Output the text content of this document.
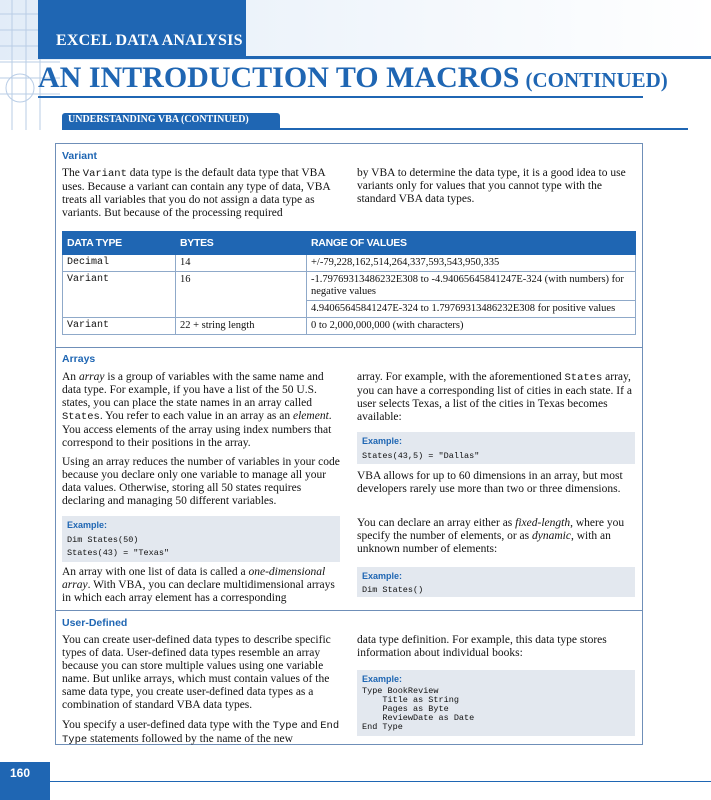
EXCEL DATA ANALYSIS
AN INTRODUCTION TO MACROS (CONTINUED)
UNDERSTANDING VBA (CONTINUED)
Variant

The Variant data type is the default data type that VBA uses. Because a variant can contain any type of data, VBA treats all variables that you do not assign a data type as variants. But because of the processing required

by VBA to determine the data type, it is a good idea to use variants only for values that you cannot type with the standard VBA data types.

DATA TYPE	BYTES	RANGE OF VALUES
Decimal	14	+/-79,228,162,514,264,337,593,543,950,335
Variant	16	-1.79769313486232E308 to -4.94065645841247E-324 (with numbers) for negative values
		4.94065645841247E-324 to 1.79769313486232E308 for positive values
Variant	22 + string length	0 to 2,000,000,000 (with characters)
Arrays

An array is a group of variables with the same name and data type. For example, if you have a list of the 50 U.S. states, you can place the state names in an array called States. You refer to each value in an array as an element. You access elements of the array using index numbers that correspond to their positions in the array.

Using an array reduces the number of variables in your code because you declare only one variable to manage all your data values. Otherwise, storing all 50 states requires declaring and managing 50 different variables.

Example:
Dim States(50)
States(43) = "Texas"

An array with one list of data is called a one-dimensional array. With VBA, you can declare multidimensional arrays in which each array element has a corresponding

array. For example, with the aforementioned States array, you can have a corresponding list of cities in each state. If a user selects Texas, a list of the cities in Texas becomes available:

Example:
States(43,5) = "Dallas"

VBA allows for up to 60 dimensions in an array, but most developers rarely use more than two or three dimensions.

You can declare an array either as fixed-length, where you specify the number of elements, or as dynamic, with an unknown number of elements:

Example:
Dim States()
User-Defined

You can create user-defined data types to describe specific types of data. User-defined data types resemble an array because you can store multiple values using one variable name. But unlike arrays, which must contain values of the same data type, you create user-defined data types as a combination of standard VBA data types.

You specify a user-defined data type with the Type and End Type statements followed by the name of the new

data type definition. For example, this data type stores information about individual books:

Example:
Type BookReview
Title as String
Pages as Byte
ReviewDate as Date
End Type
160
